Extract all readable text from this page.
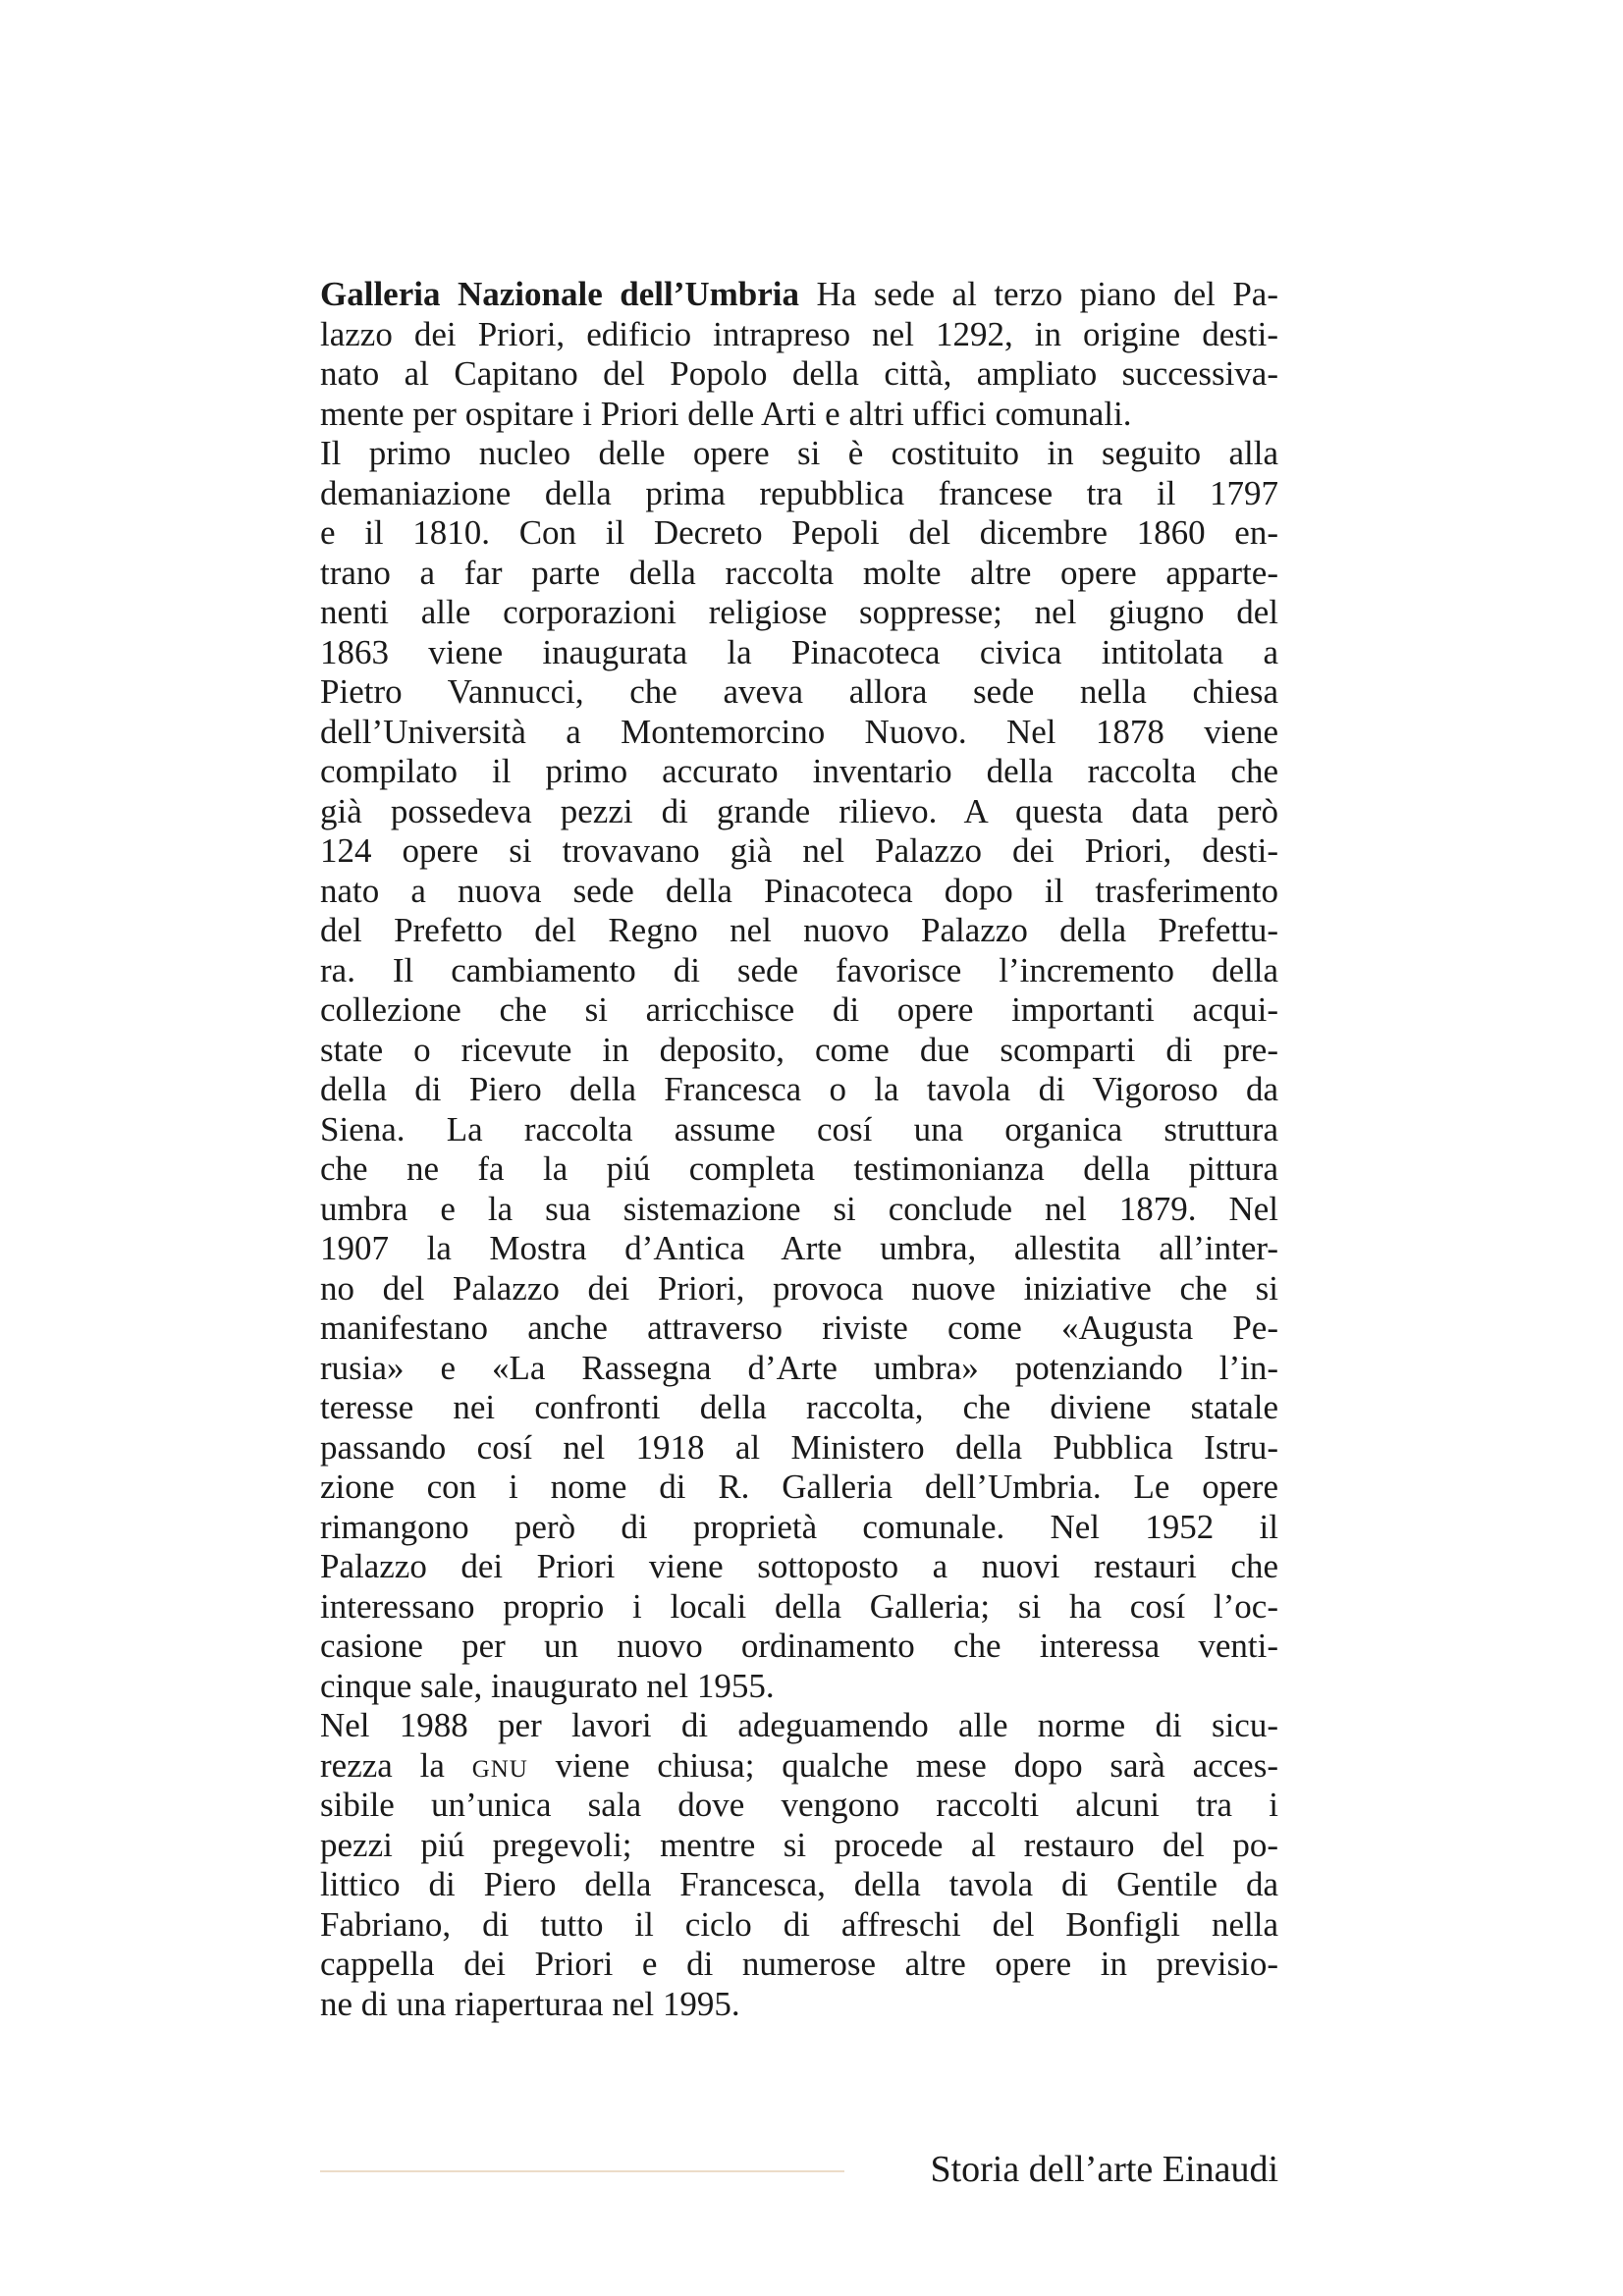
Galleria Nazionale dell’Umbria Ha sede al terzo piano del Pa-
lazzo dei Priori, edificio intrapreso nel 1292, in origine desti-
nato al Capitano del Popolo della città, ampliato successiva-
mente per ospitare i Priori delle Arti e altri uffici comunali.
Il primo nucleo delle opere si è costituito in seguito alla
demaniazione della prima repubblica francese tra il 1797
e il 1810. Con il Decreto Pepoli del dicembre 1860 en-
trano a far parte della raccolta molte altre opere apparte-
nenti alle corporazioni religiose soppresse; nel giugno del
1863 viene inaugurata la Pinacoteca civica intitolata a
Pietro Vannucci, che aveva allora sede nella chiesa
dell’Università a Montemorcino Nuovo. Nel 1878 viene
compilato il primo accurato inventario della raccolta che
già possedeva pezzi di grande rilievo. A questa data però
124 opere si trovavano già nel Palazzo dei Priori, desti-
nato a nuova sede della Pinacoteca dopo il trasferimento
del Prefetto del Regno nel nuovo Palazzo della Prefettu-
ra. Il cambiamento di sede favorisce l’incremento della
collezione che si arricchisce di opere importanti acqui-
state o ricevute in deposito, come due scomparti di pre-
della di Piero della Francesca o la tavola di Vigoroso da
Siena. La raccolta assume cosí una organica struttura
che ne fa la piú completa testimonianza della pittura
umbra e la sua sistemazione si conclude nel 1879. Nel
1907 la Mostra d’Antica Arte umbra, allestita all’inter-
no del Palazzo dei Priori, provoca nuove iniziative che si
manifestano anche attraverso riviste come «Augusta Pe-
rusia» e «La Rassegna d’Arte umbra» potenziando l’in-
teresse nei confronti della raccolta, che diviene statale
passando cosí nel 1918 al Ministero della Pubblica Istru-
zione con i nome di R. Galleria dell’Umbria. Le opere
rimangono però di proprietà comunale. Nel 1952 il
Palazzo dei Priori viene sottoposto a nuovi restauri che
interessano proprio i locali della Galleria; si ha cosí l’oc-
casione per un nuovo ordinamento che interessa venti-
cinque sale, inaugurato nel 1955.
Nel 1988 per lavori di adeguamendo alle norme di sicu-
rezza la gnu viene chiusa; qualche mese dopo sarà acces-
sibile un’unica sala dove vengono raccolti alcuni tra i
pezzi piú pregevoli; mentre si procede al restauro del po-
littico di Piero della Francesca, della tavola di Gentile da
Fabriano, di tutto il ciclo di affreschi del Bonfigli nella
cappella dei Priori e di numerose altre opere in previsio-
ne di una riaperturaa nel 1995.
Storia dell’arte Einaudi
